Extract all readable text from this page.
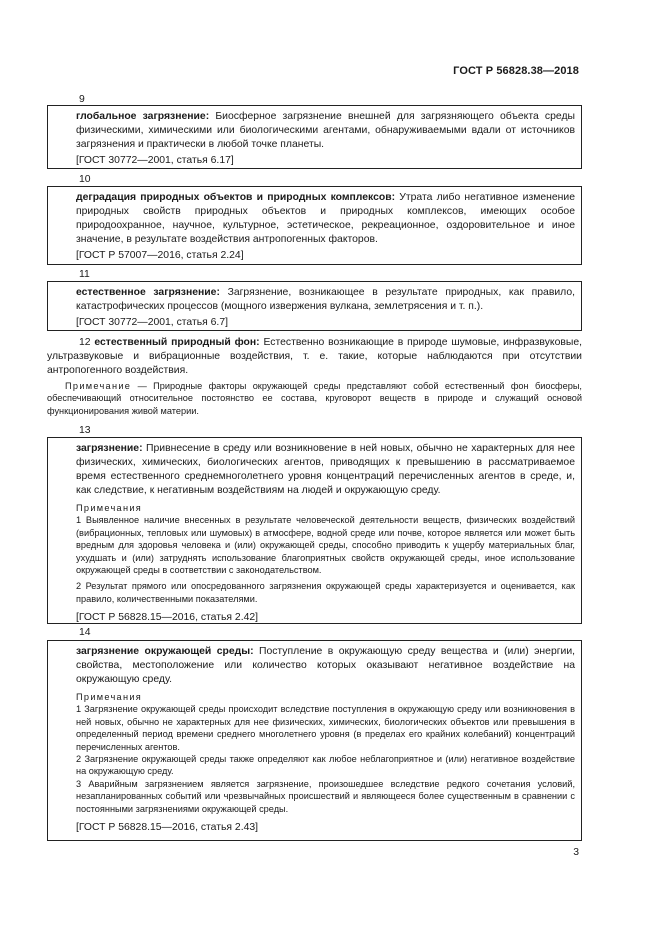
ГОСТ Р 56828.38—2018
9
глобальное загрязнение: Биосферное загрязнение внешней для загрязняющего объекта среды физическими, химическими или биологическими агентами, обнаруживаемыми вдали от источников загрязнения и практически в любой точке планеты.
[ГОСТ 30772—2001, статья 6.17]
10
деградация природных объектов и природных комплексов: Утрата либо негативное изменение природных свойств природных объектов и природных комплексов, имеющих особое природоохранное, научное, культурное, эстетическое, рекреационное, оздоровительное и иное значение, в результате воздействия антропогенных факторов.
[ГОСТ Р 57007—2016, статья 2.24]
11
естественное загрязнение: Загрязнение, возникающее в результате природных, как правило, катастрофических процессов (мощного извержения вулкана, землетрясения и т. п.).
[ГОСТ 30772—2001, статья 6.7]
12 естественный природный фон: Естественно возникающие в природе шумовые, инфразвуковые, ультразвуковые и вибрационные воздействия, т. е. такие, которые наблюдаются при отсутствии антропогенного воздействия.
Примечание — Природные факторы окружающей среды представляют собой естественный фон биосферы, обеспечивающий относительное постоянство ее состава, круговорот веществ в природе и служащий основой функционирования живой материи.
13
загрязнение: Привнесение в среду или возникновение в ней новых, обычно не характерных для нее физических, химических, биологических агентов, приводящих к превышению в рассматриваемое время естественного среднемноголетнего уровня концентраций перечисленных агентов в среде, и, как следствие, к негативным воздействиям на людей и окружающую среду.
Примечания

1 Выявленное наличие внесенных в результате человеческой деятельности веществ, физических воздействий (вибрационных, тепловых или шумовых) в атмосфере, водной среде или почве, которое является или может быть вредным для здоровья человека и (или) окружающей среды, способно приводить к ущербу материальных благ, ухудшать и (или) затруднять использование благоприятных свойств окружающей среды, иное использование окружающей среды в соответствии с законодательством.

2 Результат прямого или опосредованного загрязнения окружающей среды характеризуется и оценивается, как правило, количественными показателями.

[ГОСТ Р 56828.15—2016, статья 2.42]
14
загрязнение окружающей среды: Поступление в окружающую среду вещества и (или) энергии, свойства, местоположение или количество которых оказывают негативное воздействие на окружающую среду.
Примечания

1 Загрязнение окружающей среды происходит вследствие поступления в окружающую среду или возникновения в ней новых, обычно не характерных для нее физических, химических, биологических объектов или превышения в определенный период времени среднего многолетнего уровня (в пределах его крайних колебаний) концентраций перечисленных агентов.

2 Загрязнение окружающей среды также определяют как любое неблагоприятное и (или) негативное воздействие на окружающую среду.

3 Аварийным загрязнением является загрязнение, произошедшее вследствие редкого сочетания условий, незапланированных событий или чрезвычайных происшествий и являющееся более существенным в сравнении с постоянными загрязнениями окружающей среды.

[ГОСТ Р 56828.15—2016, статья 2.43]
3
